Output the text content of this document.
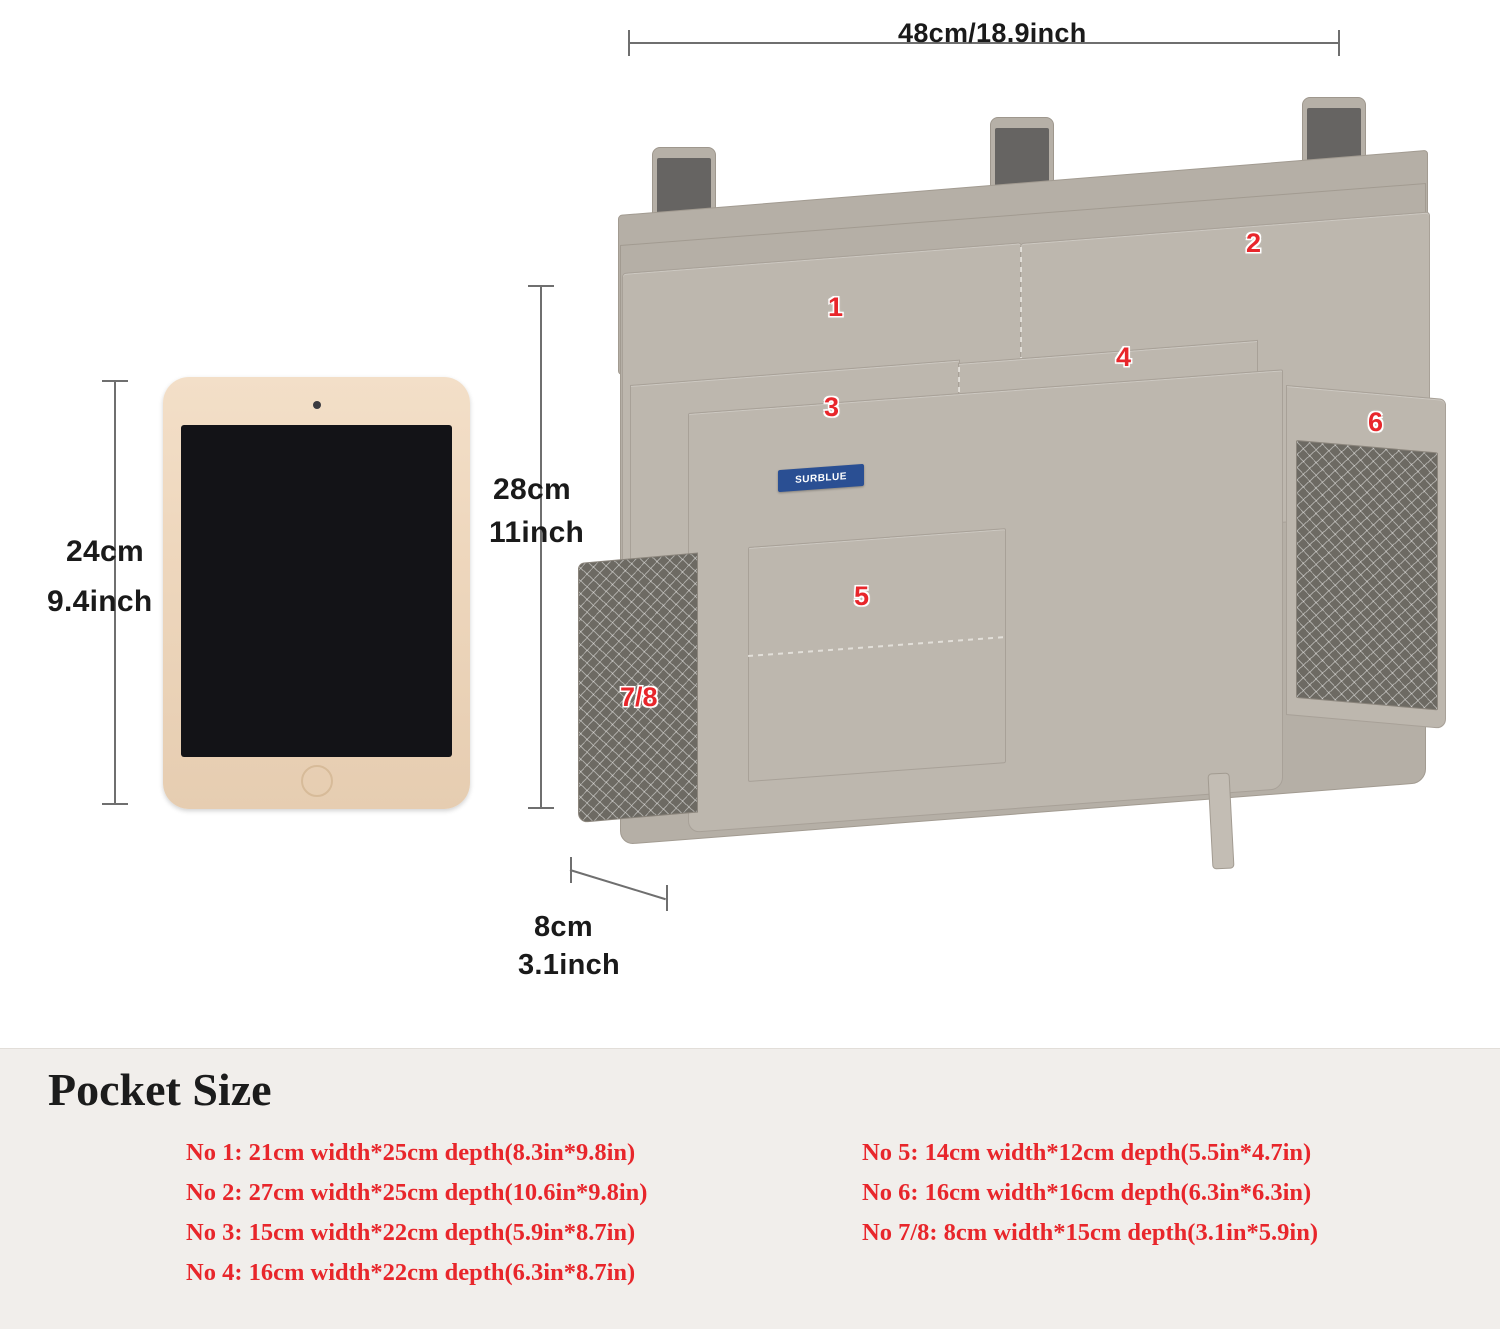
48cm/18.9inch
28cm
11inch
8cm
3.1inch
24cm
9.4inch
SURBLUE
1
2
3
4
5
6
7/8
Pocket Size
No 1: 21cm width*25cm depth(8.3in*9.8in)
No 2: 27cm width*25cm depth(10.6in*9.8in)
No 3: 15cm width*22cm depth(5.9in*8.7in)
No 4: 16cm width*22cm depth(6.3in*8.7in)
No 5: 14cm width*12cm depth(5.5in*4.7in)
No 6: 16cm width*16cm depth(6.3in*6.3in)
No 7/8: 8cm width*15cm depth(3.1in*5.9in)
